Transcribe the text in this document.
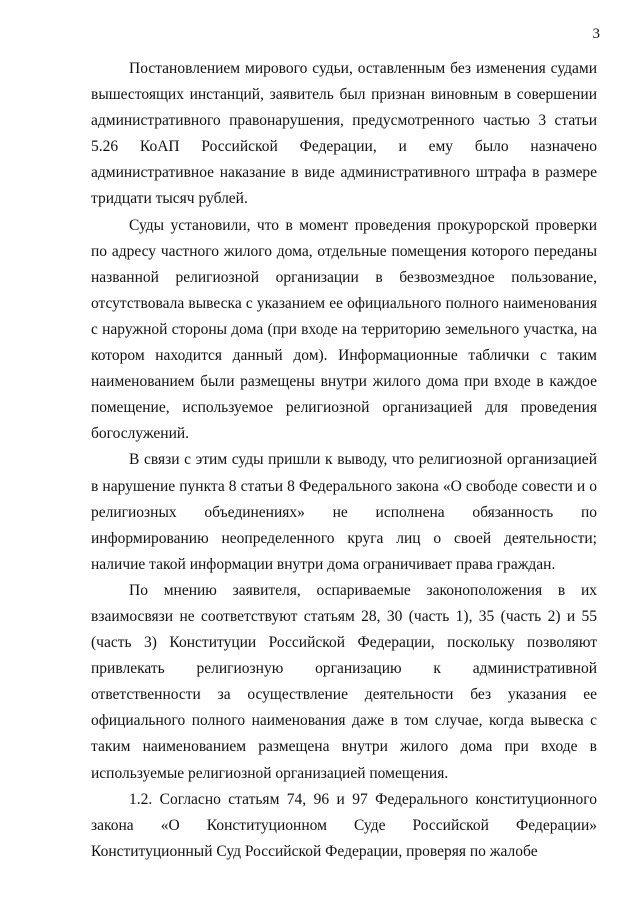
3

Постановлением мирового судьи, оставленным без изменения судами вышестоящих инстанций, заявитель был признан виновным в совершении административного правонарушения, предусмотренного частью 3 статьи 5.26 КоАП Российской Федерации, и ему было назначено административное наказание в виде административного штрафа в размере тридцати тысяч рублей.

Суды установили, что в момент проведения прокурорской проверки по адресу частного жилого дома, отдельные помещения которого переданы названной религиозной организации в безвозмездное пользование, отсутствовала вывеска с указанием ее официального полного наименования с наружной стороны дома (при входе на территорию земельного участка, на котором находится данный дом). Информационные таблички с таким наименованием были размещены внутри жилого дома при входе в каждое помещение, используемое религиозной организацией для проведения богослужений.

В связи с этим суды пришли к выводу, что религиозной организацией в нарушение пункта 8 статьи 8 Федерального закона «О свободе совести и о религиозных объединениях» не исполнена обязанность по информированию неопределенного круга лиц о своей деятельности; наличие такой информации внутри дома ограничивает права граждан.

По мнению заявителя, оспариваемые законоположения в их взаимосвязи не соответствуют статьям 28, 30 (часть 1), 35 (часть 2) и 55 (часть 3) Конституции Российской Федерации, поскольку позволяют привлекать религиозную организацию к административной ответственности за осуществление деятельности без указания ее официального полного наименования даже в том случае, когда вывеска с таким наименованием размещена внутри жилого дома при входе в используемые религиозной организацией помещения.

1.2. Согласно статьям 74, 96 и 97 Федерального конституционного закона «О Конституционном Суде Российской Федерации» Конституционный Суд Российской Федерации, проверяя по жалобе
